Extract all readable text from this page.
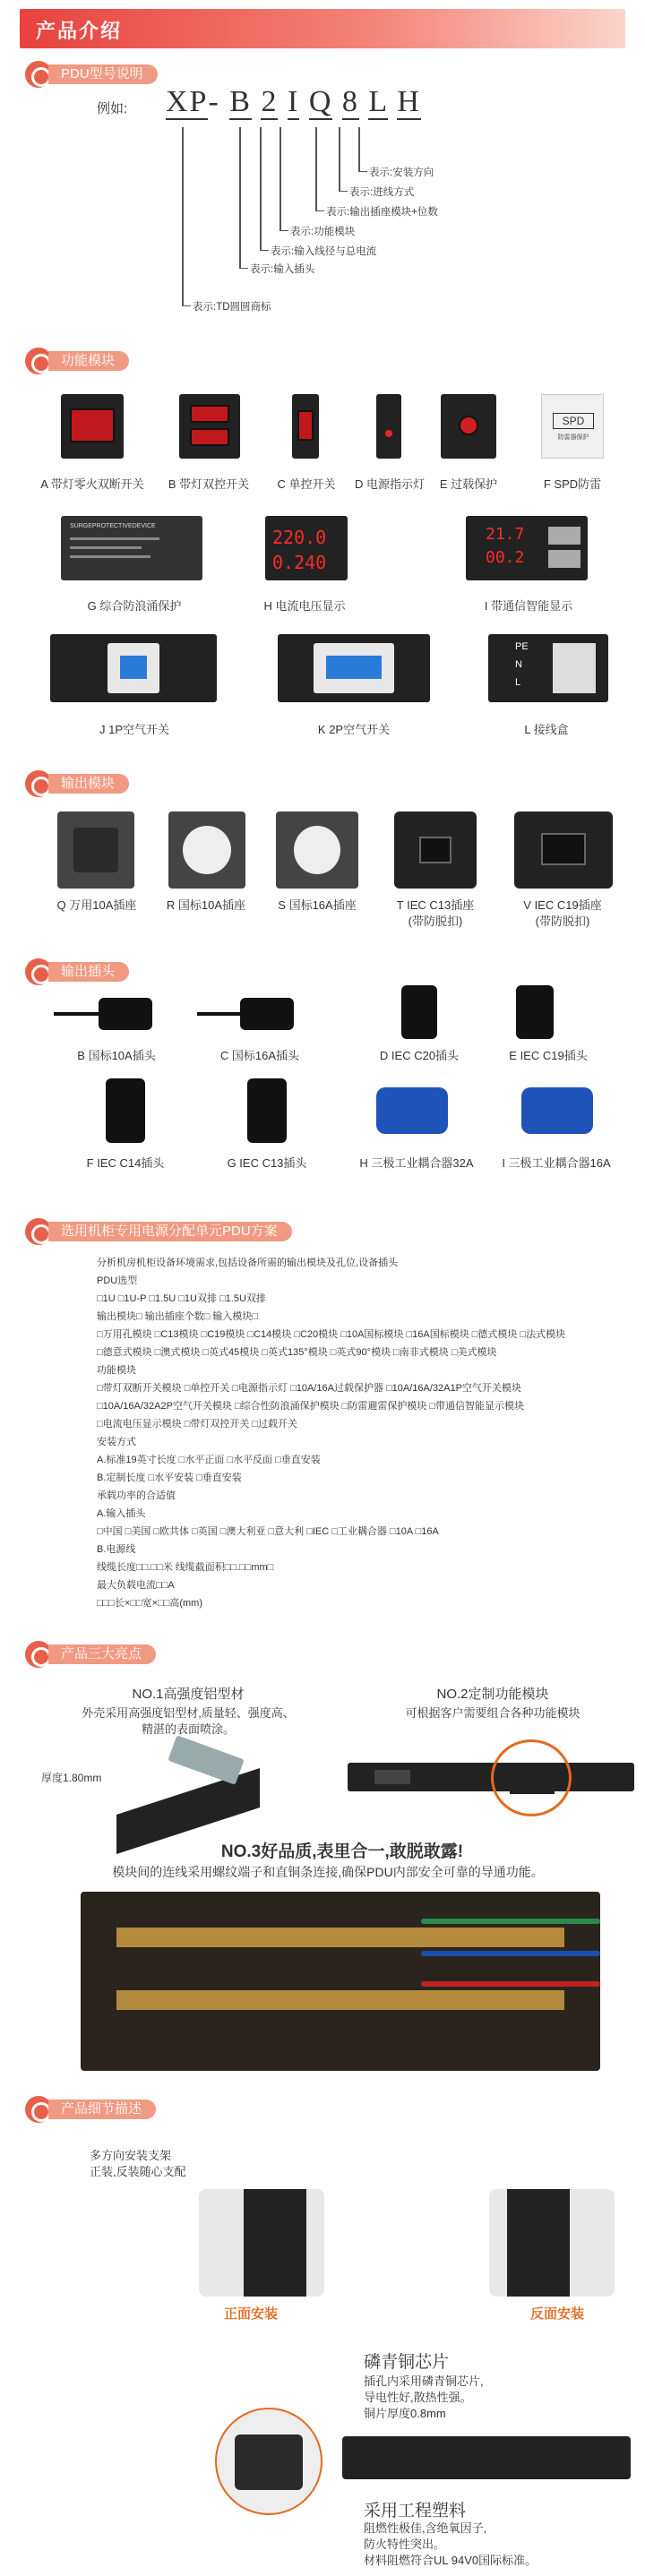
产品介绍
PDU型号说明
例如: XP- B 2 I Q 8 L H
表示:安装方向
表示:进线方式
表示:输出插座模块+位数
表示:功能模块
表示:输入线径与总电流
表示:输入插头
表示:TD圆圆商标
功能模块
SPD
防雷器保护
A 带灯零火双断开关	B 带灯双控开关	C 单控开关	D 电源指示灯	E 过载保护	F SPD防雷
SURGEPROTECTIVEDEVICE
220.0
0.240
21.7
00.2
G 综合防浪涌保护	H 电流电压显示	I 带通信智能显示
PE
N
L
J 1P空气开关	K 2P空气开关	L 接线盒
输出模块
Q 万用10A插座	R 国标10A插座	S 国标16A插座	T IEC C13插座
(带防脱扣)
V IEC C19插座
(带防脱扣)
输出插头
B 国标10A插头	C 国标16A插头	D IEC C20插头	E IEC C19插头
F IEC C14插头	G IEC C13插头	H 三极工业耦合器32A	I 三极工业耦合器16A
选用机柜专用电源分配单元PDU方案
分析机房机柜设备环境需求,包括设备所需的输出模块及孔位,设备插头
PDU选型
□1U □1U-P □1.5U □1U双排 □1.5U双排
输出模块□ 输出插座个数□ 输入模块□
□万用孔模块 □C13模块 □C19模块 □C14模块 □C20模块 □10A国标模块 □16A国标模块 □德式模块 □法式模块
□德意式模块 □澳式模块 □英式45模块 □英式135°模块 □英式90°模块 □南非式模块 □美式模块
功能模块
□带灯双断开关模块 □单控开关 □电源指示灯 □10A/16A过载保护器 □10A/16A/32A1P空气开关模块
□10A/16A/32A2P空气开关模块 □综合性防浪涌保护模块 □防雷避雷保护模块 □带通信智能显示模块
□电流电压显示模块 □带灯双控开关 □过载开关
安装方式
A.标准19英寸长度 □水平正面 □水平反面 □垂直安装
B.定制长度 □水平安装 □垂直安装
承载功率的合适值
A.输入插头
□中国 □美国 □欧共体 □英国 □澳大利亚 □意大利 □IEC □工业耦合器 □10A □16A
B.电源线
线缆长度□□.□□米 线缆截面积□□.□□mm□
最大负载电流□□A
□□□长×□□宽×□□高(mm)
产品三大亮点
NO.1高强度铝型材
外壳采用高强度铝型材,质量轻、强度高、
精湛的表面喷涂。
厚度1.80mm
NO.2定制功能模块
可根据客户需要组合各种功能模块
NO.3好品质,表里合一,敢脱敢露!
模块间的连线采用螺纹端子和直铜条连接,确保PDU内部安全可靠的导通功能。
产品细节描述
多方向安装支架
正装,反装随心支配
正面安装	反面安装
磷青铜芯片
插孔内采用磷青铜芯片,
导电性好,散热性强。
铜片厚度0.8mm
采用工程塑料
阻燃性极佳,含绝氧因子,
防火特性突出。
材料阻燃符合UL 94V0国际标准。
